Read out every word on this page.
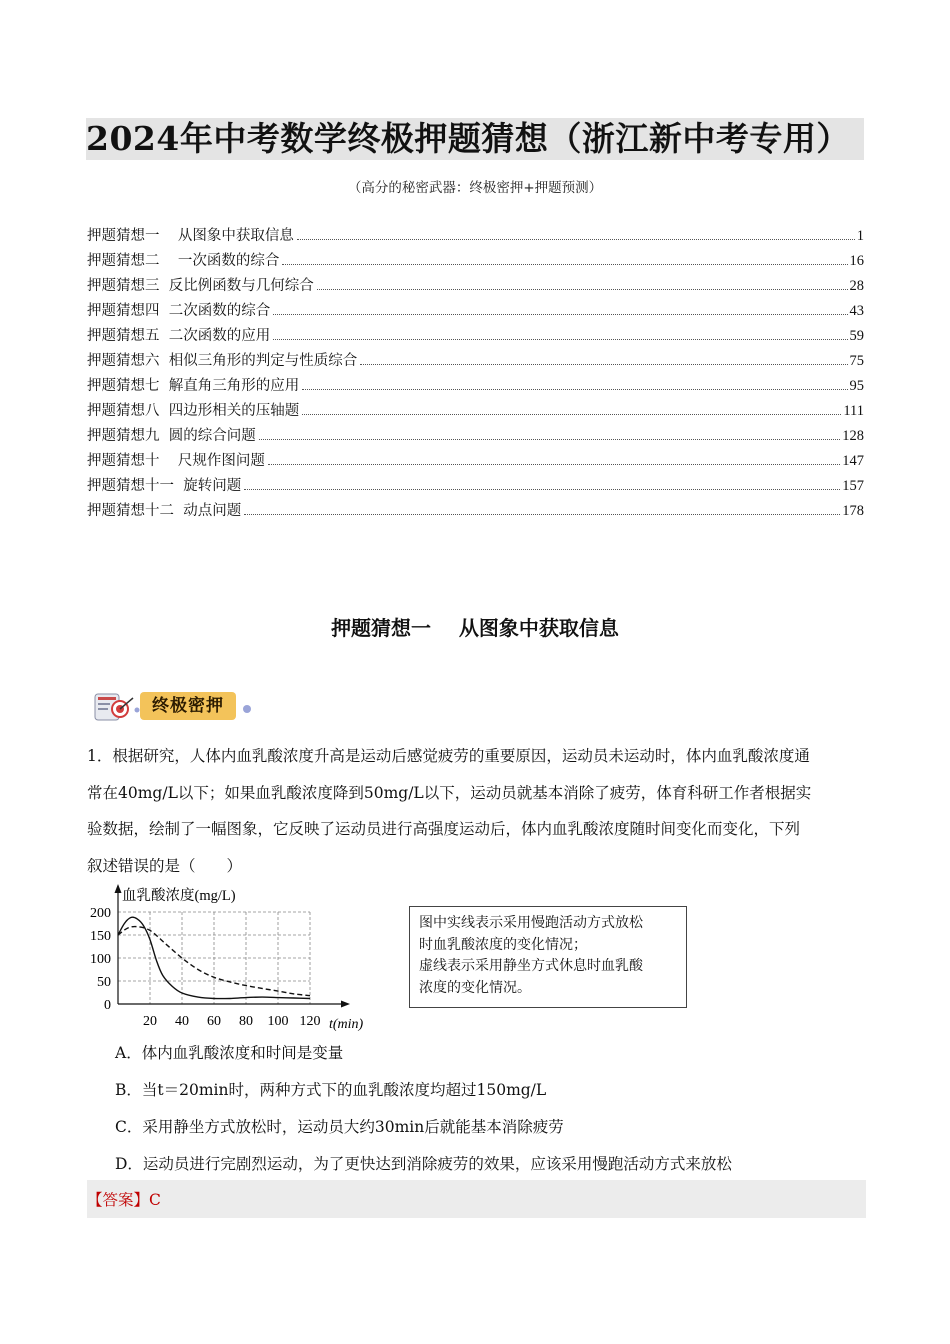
2024年中考数学终极押题猜想（浙江新中考专用）
（高分的秘密武器：终极密押+押题预测）
押题猜想一    从图象中获取信息	1
押题猜想二    一次函数的综合	16
押题猜想三  反比例函数与几何综合	28
押题猜想四  二次函数的综合	43
押题猜想五  二次函数的应用	59
押题猜想六  相似三角形的判定与性质综合	75
押题猜想七  解直角三角形的应用	95
押题猜想八  四边形相关的压轴题	111
押题猜想九  圆的综合问题	128
押题猜想十    尺规作图问题	147
押题猜想十一  旋转问题	157
押题猜想十二  动点问题	178
押题猜想一    从图象中获取信息
终极密押
1．根据研究，人体内血乳酸浓度升高是运动后感觉疲劳的重要原因，运动员未运动时，体内血乳酸浓度通
常在40mg/L以下；如果血乳酸浓度降到50mg/L以下，运动员就基本消除了疲劳，体育科研工作者根据实
验数据，绘制了一幅图象，它反映了运动员进行高强度运动后，体内血乳酸浓度随时间变化而变化，下列
叙述错误的是（　　）
20 40 60 80 100 120
0
50
100
150
200
血乳酸浓度(mg/L)
t(min)
图中实线表示采用慢跑活动方式放松
时血乳酸浓度的变化情况；
虚线表示采用静坐方式休息时血乳酸
浓度的变化情况。
A．体内血乳酸浓度和时间是变量
B．当t＝20min时，两种方式下的血乳酸浓度均超过150mg/L
C．采用静坐方式放松时，运动员大约30min后就能基本消除疲劳
D．运动员进行完剧烈运动，为了更快达到消除疲劳的效果，应该采用慢跑活动方式来放松
【答案】C
